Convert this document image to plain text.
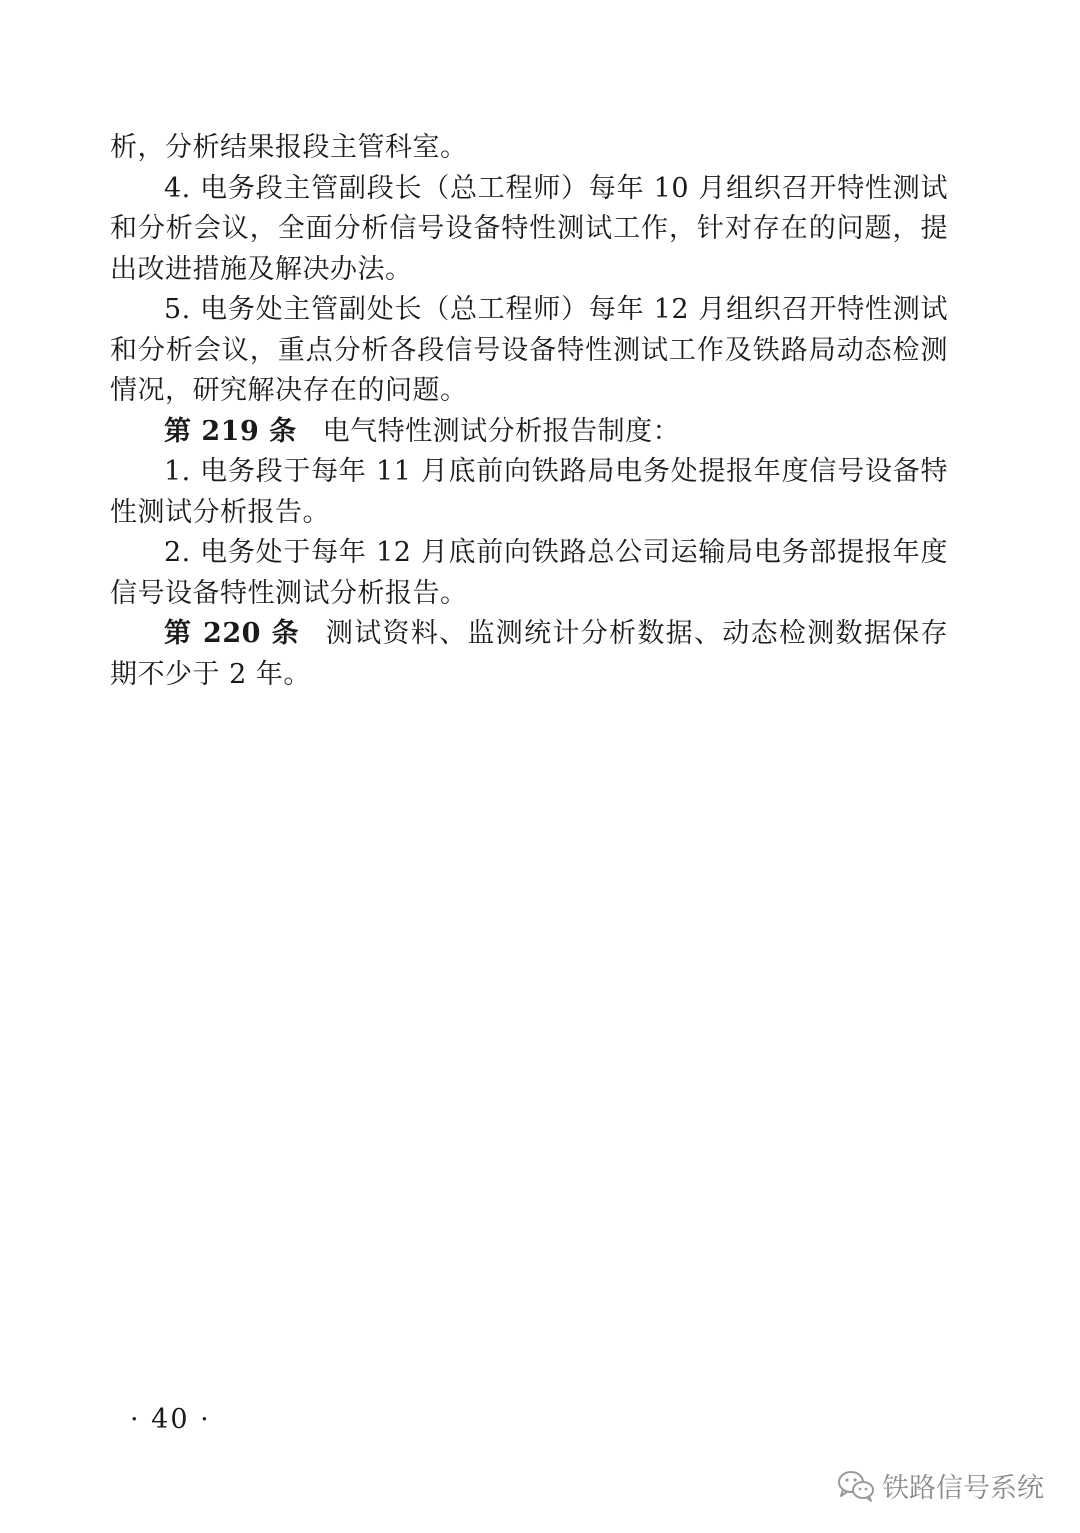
析，分析结果报段主管科室。

4. 电务段主管副段长（总工程师）每年 10 月组织召开特性测试和分析会议，全面分析信号设备特性测试工作，针对存在的问题，提出改进措施及解决办法。

5. 电务处主管副处长（总工程师）每年 12 月组织召开特性测试和分析会议，重点分析各段信号设备特性测试工作及铁路局动态检测情况，研究解决存在的问题。

第 219 条 电气特性测试分析报告制度：

1. 电务段于每年 11 月底前向铁路局电务处提报年度信号设备特性测试分析报告。

2. 电务处于每年 12 月底前向铁路总公司运输局电务部提报年度信号设备特性测试分析报告。

第 220 条 测试资料、监测统计分析数据、动态检测数据保存期不少于 2 年。

· 40 ·
铁路信号系统
